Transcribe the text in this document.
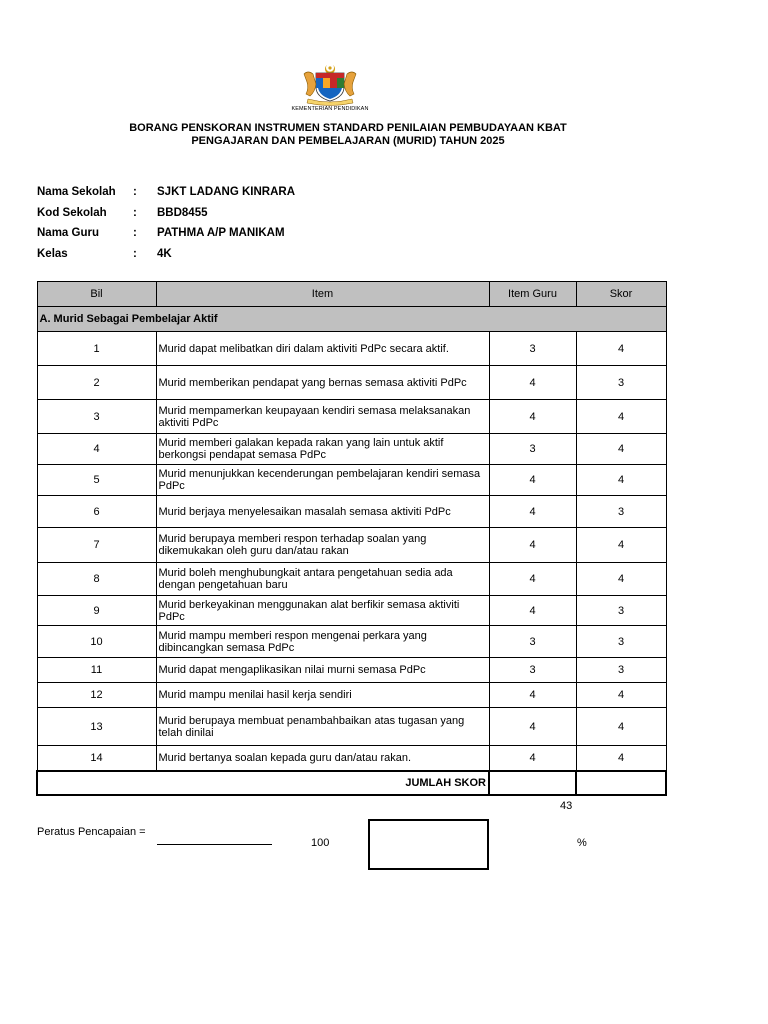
KEMENTERIAN PENDIDIKAN
BORANG PENSKORAN INSTRUMEN STANDARD PENILAIAN PEMBUDAYAAN KBAT
PENGAJARAN DAN PEMBELAJARAN (MURID) TAHUN 2025
Nama Sekolah	: SJKT LADANG KINRARA
Kod Sekolah	: BBD8455
Nama Guru	: PATHMA A/P MANIKAM
Kelas	: 4K
Bil	Item	Item Guru	Skor
A. Murid Sebagai Pembelajar Aktif			
1	Murid dapat melibatkan diri dalam aktiviti PdPc secara aktif.	3	4
2	Murid memberikan pendapat yang bernas semasa aktiviti PdPc	4	3
3	Murid mempamerkan keupayaan kendiri semasa melaksanakan aktiviti PdPc	4	4
4	Murid memberi galakan kepada rakan yang lain untuk aktif berkongsi pendapat semasa PdPc	3	4
5	Murid menunjukkan kecenderungan pembelajaran kendiri semasa PdPc	4	4
6	Murid berjaya menyelesaikan masalah semasa aktiviti PdPc	4	3
7	Murid berupaya memberi respon terhadap soalan yang dikemukakan oleh guru dan/atau rakan	4	4
8	Murid boleh menghubungkait antara pengetahuan sedia ada dengan pengetahuan baru	4	4
9	Murid berkeyakinan menggunakan alat berfikir semasa aktiviti PdPc	4	3
10	Murid mampu memberi respon mengenai perkara yang dibincangkan semasa PdPc	3	3
11	Murid dapat mengaplikasikan nilai murni semasa PdPc	3	3
12	Murid mampu menilai hasil kerja sendiri	4	4
13	Murid berupaya membuat penambahbaikan atas tugasan yang telah dinilai	4	4
14	Murid bertanya soalan kepada guru dan/atau rakan.	4	4
JUMLAH SKOR			
43
Peratus Pencapaian =
100	%
